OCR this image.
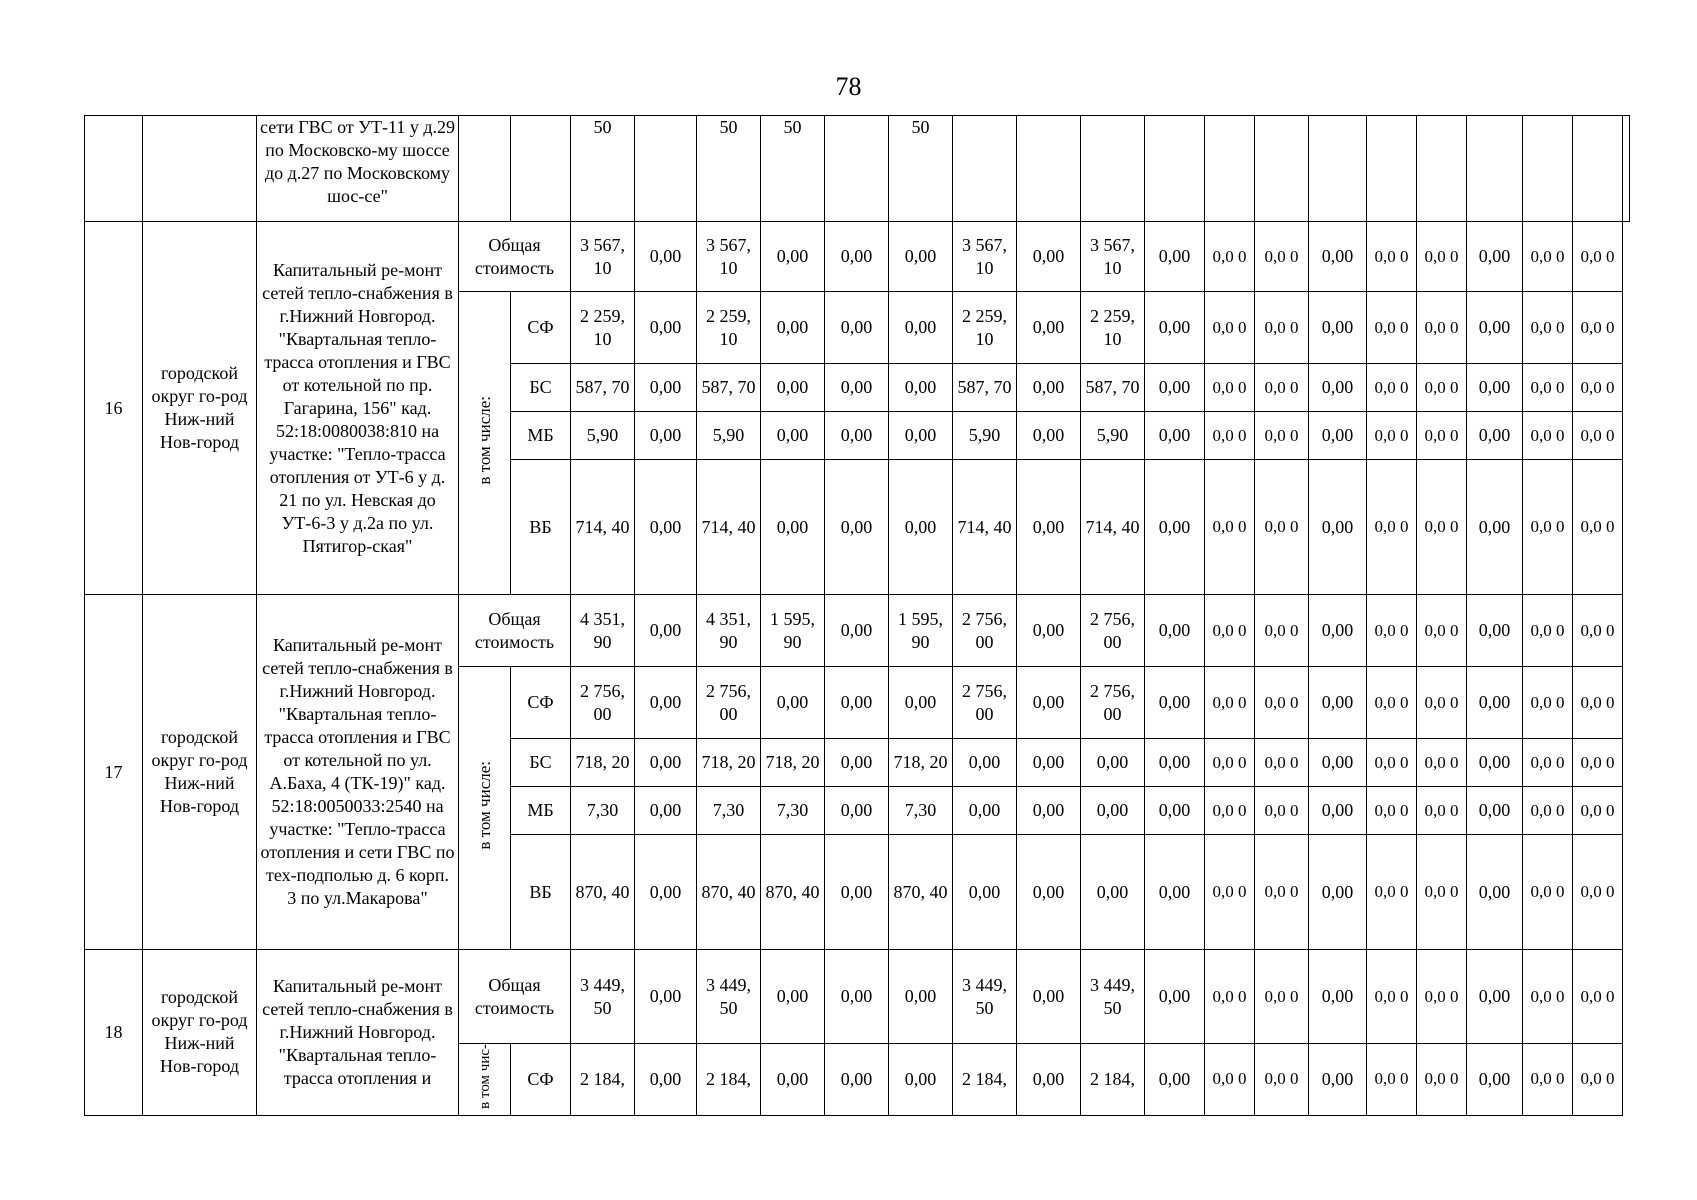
78
		сети ГВС от УТ-11 у д.29 по Московско-му шоссе до д.27 по Московскому шос-се"			50		50	50		50													
16	городской округ го-род Ниж-ний Нов-город	Капитальный ре-монт сетей тепло-снабжения в г.Нижний Новгород. "Квартальная тепло-трасса отопления и ГВС от котельной по пр. Гагарина, 156" кад. 52:18:0080038:810 на участке: "Тепло-трасса отопления от УТ-6 у д. 21 по ул. Невская до УТ-6-3 у д.2а по ул. Пятигор-ская"	Общая стоимость		3 567, 10	0,00	3 567, 10	0,00	0,00	0,00	3 567, 10	0,00	3 567, 10	0,00	0,0 0	0,0 0	0,00	0,0 0	0,0 0	0,00	0,0 0	0,0 0	
			в том числе:	СФ	2 259, 10	0,00	2 259, 10	0,00	0,00	0,00	2 259, 10	0,00	2 259, 10	0,00	0,0 0	0,0 0	0,00	0,0 0	0,0 0	0,00	0,0 0	0,0 0	
				БС	587, 70	0,00	587, 70	0,00	0,00	0,00	587, 70	0,00	587, 70	0,00	0,0 0	0,0 0	0,00	0,0 0	0,0 0	0,00	0,0 0	0,0 0	
				МБ	5,90	0,00	5,90	0,00	0,00	0,00	5,90	0,00	5,90	0,00	0,0 0	0,0 0	0,00	0,0 0	0,0 0	0,00	0,0 0	0,0 0	
				ВБ	714, 40	0,00	714, 40	0,00	0,00	0,00	714, 40	0,00	714, 40	0,00	0,0 0	0,0 0	0,00	0,0 0	0,0 0	0,00	0,0 0	0,0 0	
17	городской округ го-род Ниж-ний Нов-город	Капитальный ре-монт сетей тепло-снабжения в г.Нижний Новгород. "Квартальная тепло-трасса отопления и ГВС от котельной по ул. А.Баха, 4 (ТК-19)" кад. 52:18:0050033:2540 на участке: "Тепло-трасса отопления и сети ГВС по тех-подполью д. 6 корп. 3 по ул.Макарова"	Общая стоимость		4 351, 90	0,00	4 351, 90	1 595, 90	0,00	1 595, 90	2 756, 00	0,00	2 756, 00	0,00	0,0 0	0,0 0	0,00	0,0 0	0,0 0	0,00	0,0 0	0,0 0	
			в том числе:	СФ	2 756, 00	0,00	2 756, 00	0,00	0,00	0,00	2 756, 00	0,00	2 756, 00	0,00	0,0 0	0,0 0	0,00	0,0 0	0,0 0	0,00	0,0 0	0,0 0	
				БС	718, 20	0,00	718, 20	718, 20	0,00	718, 20	0,00	0,00	0,00	0,00	0,0 0	0,0 0	0,00	0,0 0	0,0 0	0,00	0,0 0	0,0 0	
				МБ	7,30	0,00	7,30	7,30	0,00	7,30	0,00	0,00	0,00	0,00	0,0 0	0,0 0	0,00	0,0 0	0,0 0	0,00	0,0 0	0,0 0	
				ВБ	870, 40	0,00	870, 40	870, 40	0,00	870, 40	0,00	0,00	0,00	0,00	0,0 0	0,0 0	0,00	0,0 0	0,0 0	0,00	0,0 0	0,0 0	
18	городской округ го-род Ниж-ний Нов-город	Капитальный ре-монт сетей тепло-снабжения в г.Нижний Новгород. "Квартальная тепло-трасса отопления и	Общая стоимость		3 449, 50	0,00	3 449, 50	0,00	0,00	0,00	3 449, 50	0,00	3 449, 50	0,00	0,0 0	0,0 0	0,00	0,0 0	0,0 0	0,00	0,0 0	0,0 0	
			в том чис-	СФ	2 184,	0,00	2 184,	0,00	0,00	0,00	2 184,	0,00	2 184,	0,00	0,0 0	0,0 0	0,00	0,0 0	0,0 0	0,00	0,0 0	0,0 0	
